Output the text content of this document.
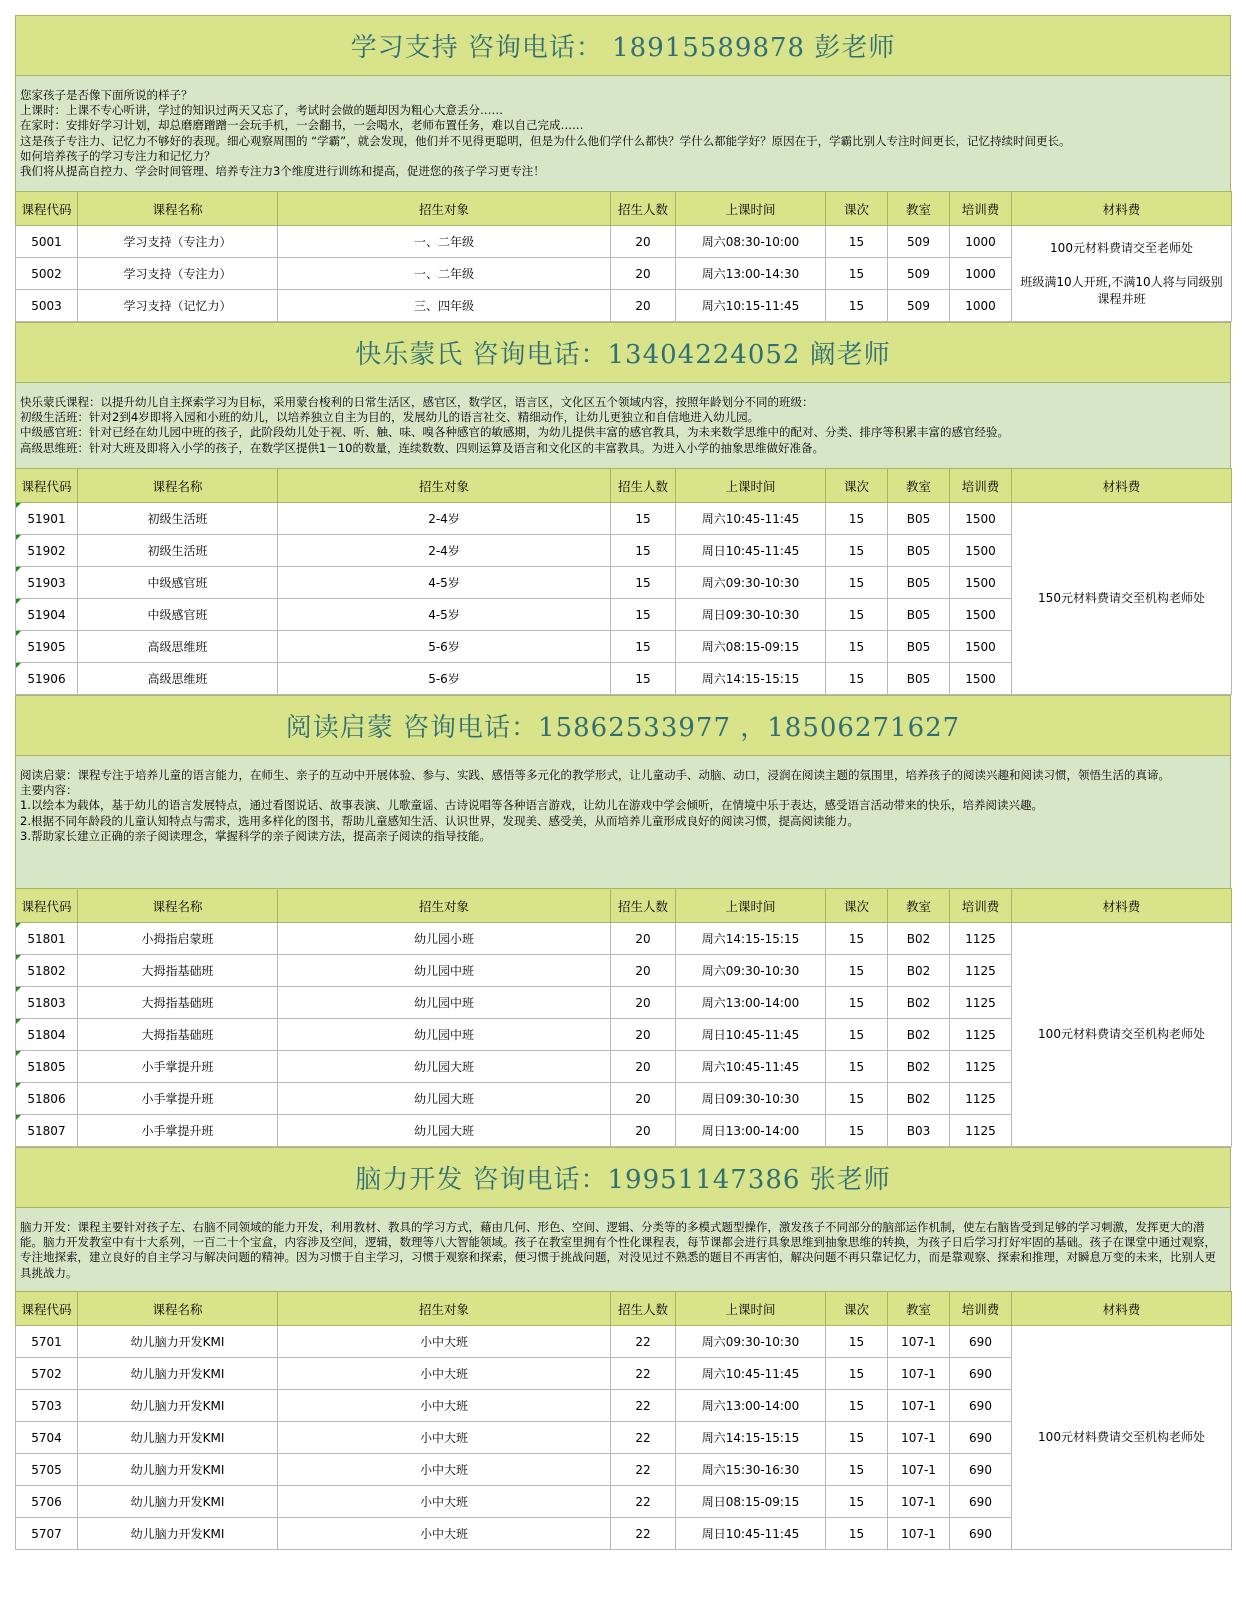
学习支持 咨询电话： 18915589878 彭老师
您家孩子是否像下面所说的样子？
上课时：上课不专心听讲，学过的知识过两天又忘了，考试时会做的题却因为粗心大意丢分……
在家时：安排好学习计划，却总磨磨蹭蹭一会玩手机，一会翻书，一会喝水，老师布置任务，难以自己完成……
这是孩子专注力、记忆力不够好的表现。细心观察周围的 “学霸”，就会发现，他们并不见得更聪明，但是为什么他们学什么都快？学什么都能学好？原因在于，学霸比别人专注时间更长，记忆持续时间更长。
如何培养孩子的学习专注力和记忆力？
我们将从提高自控力、学会时间管理、培养专注力3个维度进行训练和提高，促进您的孩子学习更专注！
课程代码	课程名称	招生对象	招生人数	上课时间	课次	教室	培训费	材料费
5001	学习支持（专注力）	一、二年级	20	周六08:30-10:00	15	509	1000	100元材料费请交至老师处

班级满10人开班,不满10人将与同级别课程并班
5002	学习支持（专注力）	一、二年级	20	周六13:00-14:30	15	509	1000	
5003	学习支持（记忆力）	三、四年级	20	周六10:15-11:45	15	509	1000	
快乐蒙氏 咨询电话：13404224052 阚老师
快乐蒙氏课程：以提升幼儿自主探索学习为目标，采用蒙台梭利的日常生活区，感官区，数学区，语言区，文化区五个领域内容，按照年龄划分不同的班级：
初级生活班：针对2到4岁即将入园和小班的幼儿，以培养独立自主为目的，发展幼儿的语言社交、精细动作，让幼儿更独立和自信地进入幼儿园。
中级感官班：针对已经在幼儿园中班的孩子，此阶段幼儿处于视、听、触、味、嗅各种感官的敏感期，为幼儿提供丰富的感官教具，为未来数学思维中的配对、分类、排序等积累丰富的感官经验。
高级思维班：针对大班及即将入小学的孩子，在数学区提供1－10的数量，连续数数、四则运算及语言和文化区的丰富教具。为进入小学的抽象思维做好准备。
课程代码	课程名称	招生对象	招生人数	上课时间	课次	教室	培训费	材料费
51901	初级生活班	2-4岁	15	周六10:45-11:45	15	B05	1500	150元材料费请交至机构老师处
51902	初级生活班	2-4岁	15	周日10:45-11:45	15	B05	1500	
51903	中级感官班	4-5岁	15	周六09:30-10:30	15	B05	1500	
51904	中级感官班	4-5岁	15	周日09:30-10:30	15	B05	1500	
51905	高级思维班	5-6岁	15	周六08:15-09:15	15	B05	1500	
51906	高级思维班	5-6岁	15	周六14:15-15:15	15	B05	1500	
阅读启蒙 咨询电话：15862533977 ，18506271627
阅读启蒙：课程专注于培养儿童的语言能力，在师生、亲子的互动中开展体验、参与、实践、感悟等多元化的教学形式，让儿童动手、动脑、动口，浸润在阅读主题的氛围里，培养孩子的阅读兴趣和阅读习惯，领悟生活的真谛。
主要内容：
1.以绘本为载体，基于幼儿的语言发展特点，通过看图说话、故事表演、儿歌童谣、古诗说唱等各种语言游戏，让幼儿在游戏中学会倾听，在情境中乐于表达，感受语言活动带来的快乐，培养阅读兴趣。
2.根据不同年龄段的儿童认知特点与需求，选用多样化的图书，帮助儿童感知生活、认识世界，发现美、感受美，从而培养儿童形成良好的阅读习惯，提高阅读能力。
3.帮助家长建立正确的亲子阅读理念，掌握科学的亲子阅读方法，提高亲子阅读的指导技能。
课程代码	课程名称	招生对象	招生人数	上课时间	课次	教室	培训费	材料费
51801	小拇指启蒙班	幼儿园小班	20	周六14:15-15:15	15	B02	1125	100元材料费请交至机构老师处
51802	大拇指基础班	幼儿园中班	20	周六09:30-10:30	15	B02	1125	
51803	大拇指基础班	幼儿园中班	20	周六13:00-14:00	15	B02	1125	
51804	大拇指基础班	幼儿园中班	20	周日10:45-11:45	15	B02	1125	
51805	小手掌提升班	幼儿园大班	20	周六10:45-11:45	15	B02	1125	
51806	小手掌提升班	幼儿园大班	20	周日09:30-10:30	15	B02	1125	
51807	小手掌提升班	幼儿园大班	20	周日13:00-14:00	15	B03	1125	
脑力开发 咨询电话：19951147386 张老师
脑力开发：课程主要针对孩子左、右脑不同领域的能力开发，利用教材、教具的学习方式，藉由几何、形色、空间、逻辑、分类等的多模式题型操作，激发孩子不同部分的脑部运作机制，使左右脑皆受到足够的学习刺激，发挥更大的潜能。脑力开发教室中有十大系列，一百二十个宝盒，内容涉及空间，逻辑，数理等八大智能领域。孩子在教室里拥有个性化课程表，每节课都会进行具象思维到抽象思维的转换，为孩子日后学习打好牢固的基础。孩子在课堂中通过观察，专注地探索，建立良好的自主学习与解决问题的精神。因为习惯于自主学习，习惯于观察和探索，便习惯于挑战问题，对没见过不熟悉的题目不再害怕，解决问题不再只靠记忆力，而是靠观察、探索和推理，对瞬息万变的未来，比别人更具挑战力。
课程代码	课程名称	招生对象	招生人数	上课时间	课次	教室	培训费	材料费
5701	幼儿脑力开发KMI	小中大班	22	周六09:30-10:30	15	107-1	690	100元材料费请交至机构老师处
5702	幼儿脑力开发KMI	小中大班	22	周六10:45-11:45	15	107-1	690	
5703	幼儿脑力开发KMI	小中大班	22	周六13:00-14:00	15	107-1	690	
5704	幼儿脑力开发KMI	小中大班	22	周六14:15-15:15	15	107-1	690	
5705	幼儿脑力开发KMI	小中大班	22	周六15:30-16:30	15	107-1	690	
5706	幼儿脑力开发KMI	小中大班	22	周日08:15-09:15	15	107-1	690	
5707	幼儿脑力开发KMI	小中大班	22	周日10:45-11:45	15	107-1	690	
